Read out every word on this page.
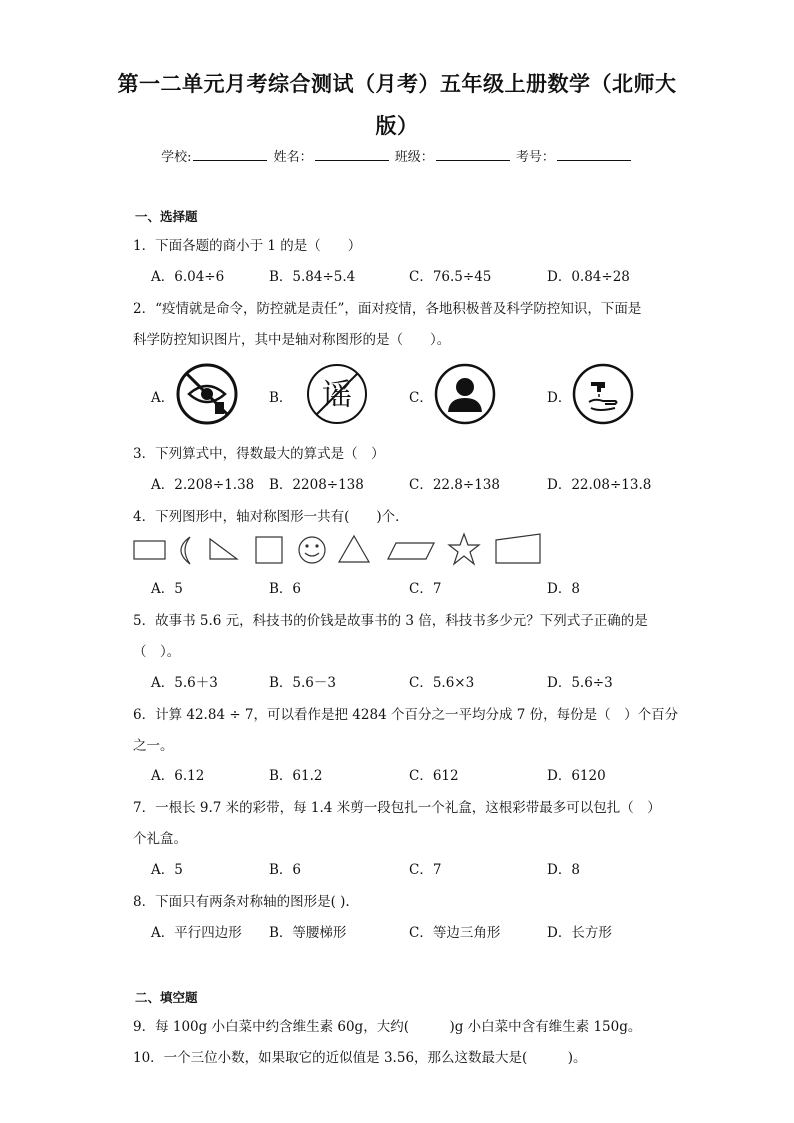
第一二单元月考综合测试（月考）五年级上册数学（北师大
版）
学校:	姓名：	班级：	考号：
一、选择题
1．下面各题的商小于 1 的是（　　）
A．6.04÷6	B．5.84÷5.4	C．76.5÷45	D．0.84÷28
2．“疫情就是命令，防控就是责任”，面对疫情，各地积极普及科学防控知识，下面是
科学防控知识图片，其中是轴对称图形的是（　　）。
A．	B． 谣	C．	D．
3．下列算式中，得数最大的算式是（　）
A．2.208÷1.38 B．2208÷138	C．22.8÷138	D．22.08÷13.8
4．下列图形中，轴对称图形一共有(　　)个．
A．5	B．6	C．7	D．8
5．故事书 5.6 元，科技书的价钱是故事书的 3 倍，科技书多少元？下列式子正确的是
（　）。
A．5.6＋3	B．5.6－3	C．5.6×3	D．5.6÷3
6．计算 42.84 ÷ 7，可以看作是把 4284 个百分之一平均分成 7 份，每份是（　）个百分
之一。
A．6.12	B．61.2	C．612	D．6120
7．一根长 9.7 米的彩带，每 1.4 米剪一段包扎一个礼盒，这根彩带最多可以包扎（　）
个礼盒。
A．5	B．6	C．7	D．8
8．下面只有两条对称轴的图形是( ).
A．平行四边形 B．等腰梯形	C．等边三角形	D．长方形
二、填空题
9．每 100g 小白菜中约含维生素 60g，大约(　　　)g 小白菜中含有维生素 150g。
10．一个三位小数，如果取它的近似值是 3.56，那么这数最大是(　　　)。
